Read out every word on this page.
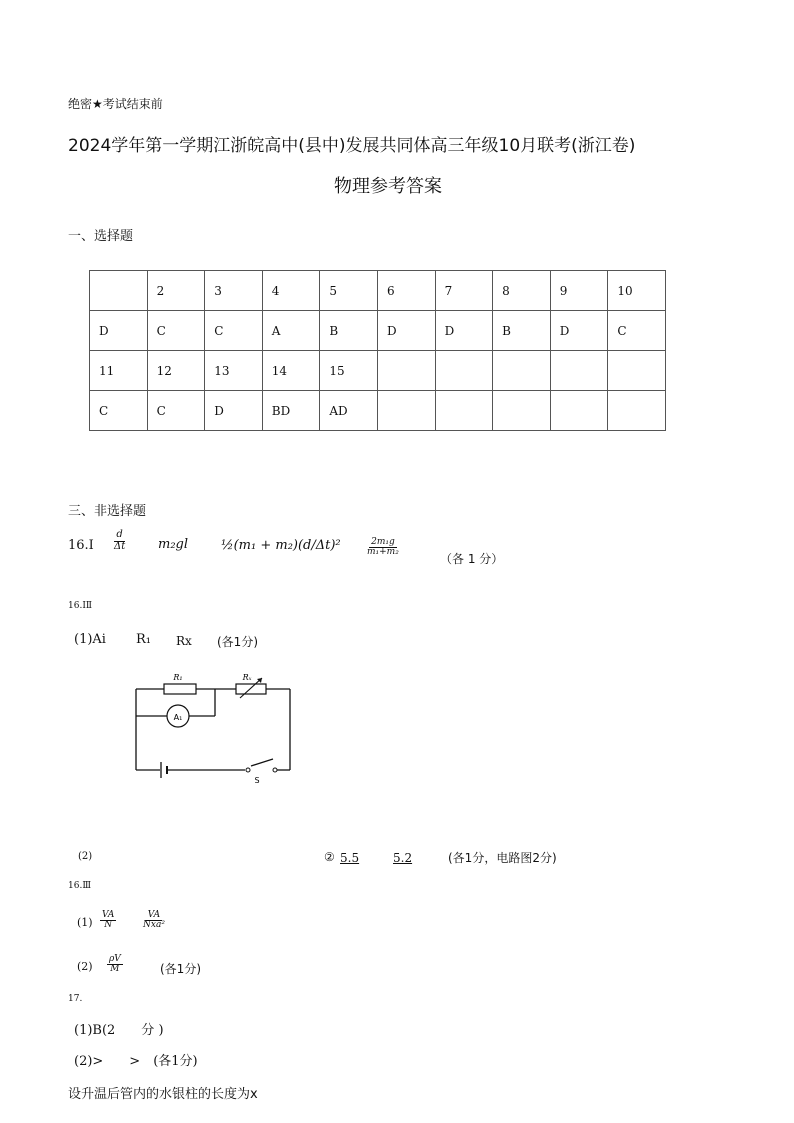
绝密★考试结束前
2024学年第一学期江浙皖高中(县中)发展共同体高三年级10月联考(浙江卷)
物理参考答案
一、选择题
	2	3	4	5	6	7	8	9	10
D	C	C	A	B	D	D	B	D	C
11	12	13	14	15					
C	C	D	BD	AD					
三、非选择题
$16.I \frac{d}{\Delta t} m_2gl$	½(m₁ + m₂)(d/Δt)²	$\frac{\text{2m₁g}}{\text{m₁+m₂}}$
（各 1 分）
16.IⅡ
(1)Ai R₁ Rx (各1分)
R₁	Rₓ
A₁
S
(2)	② 5.5	5.2	(各1分，电路图2分)
16.Ⅲ
$(1) \frac{VA}{N}$	VA
Nxa²
$(2) \frac{\rho V}{M}$	(各1分)
17.
(1)B(2　　分 )
(2)>　　>　(各1分)
设升温后管内的水银柱的长度为x
